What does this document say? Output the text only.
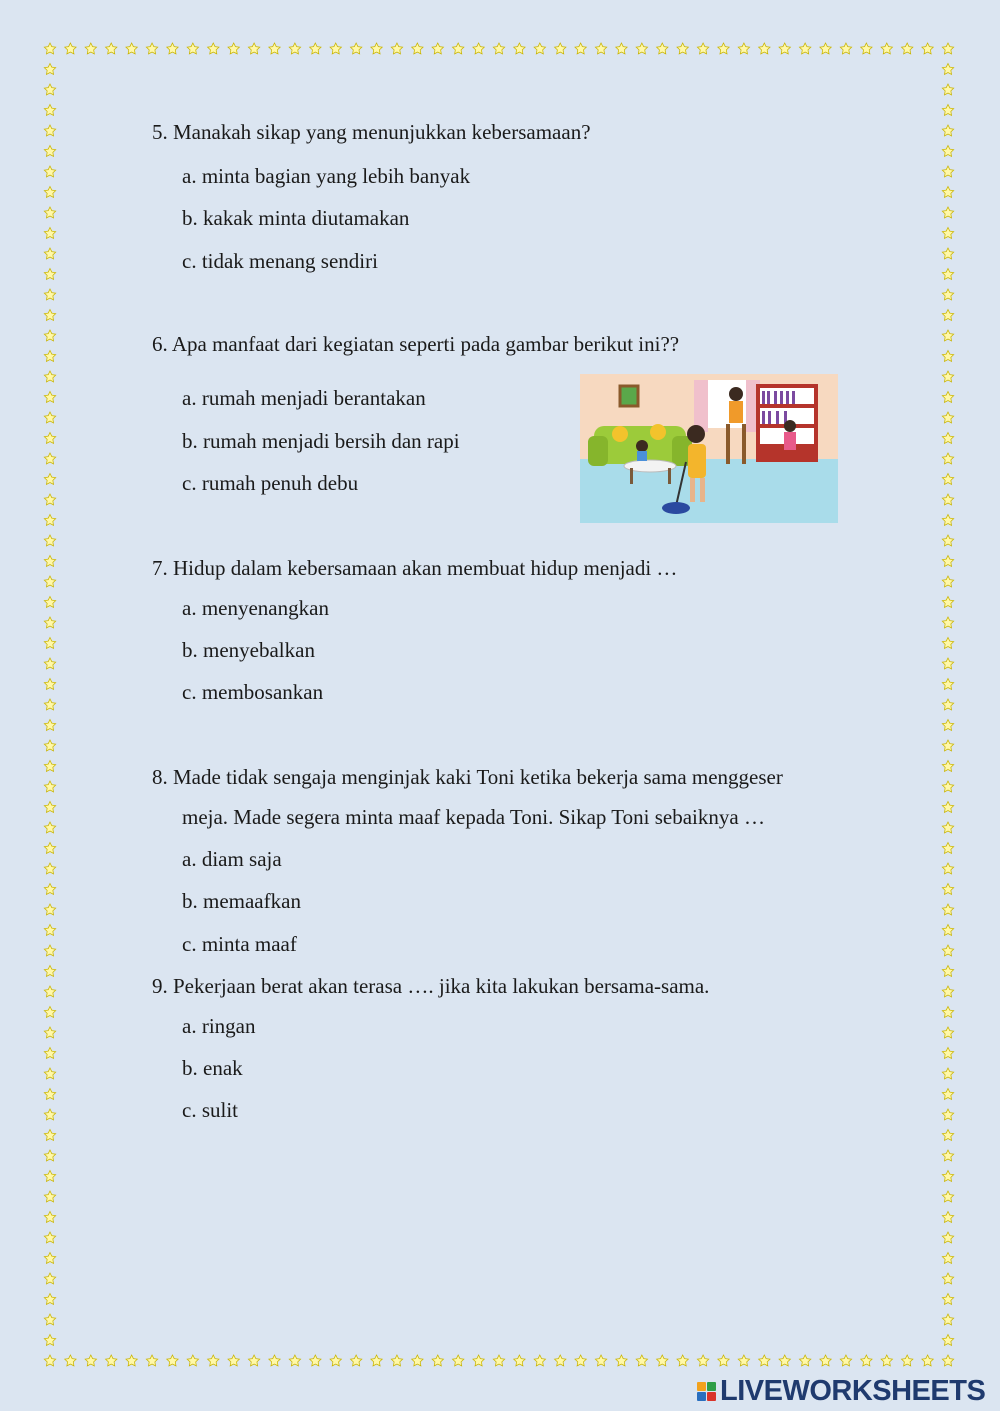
5. Manakah sikap yang menunjukkan kebersamaan?
a. minta bagian yang lebih banyak
b. kakak minta diutamakan
c. tidak menang sendiri
6. Apa manfaat dari kegiatan seperti pada gambar berikut ini??
a. rumah menjadi berantakan
b. rumah menjadi bersih dan rapi
c. rumah penuh debu
7. Hidup dalam kebersamaan akan membuat hidup menjadi …
a. menyenangkan
b. menyebalkan
c. membosankan
8. Made tidak sengaja menginjak kaki Toni ketika bekerja sama menggeser
meja. Made segera minta maaf kepada Toni. Sikap Toni sebaiknya …
a. diam saja
b. memaafkan
c. minta maaf
9. Pekerjaan berat akan terasa …. jika kita lakukan bersama-sama.
a. ringan
b. enak
c. sulit
LIVEWORKSHEETS
